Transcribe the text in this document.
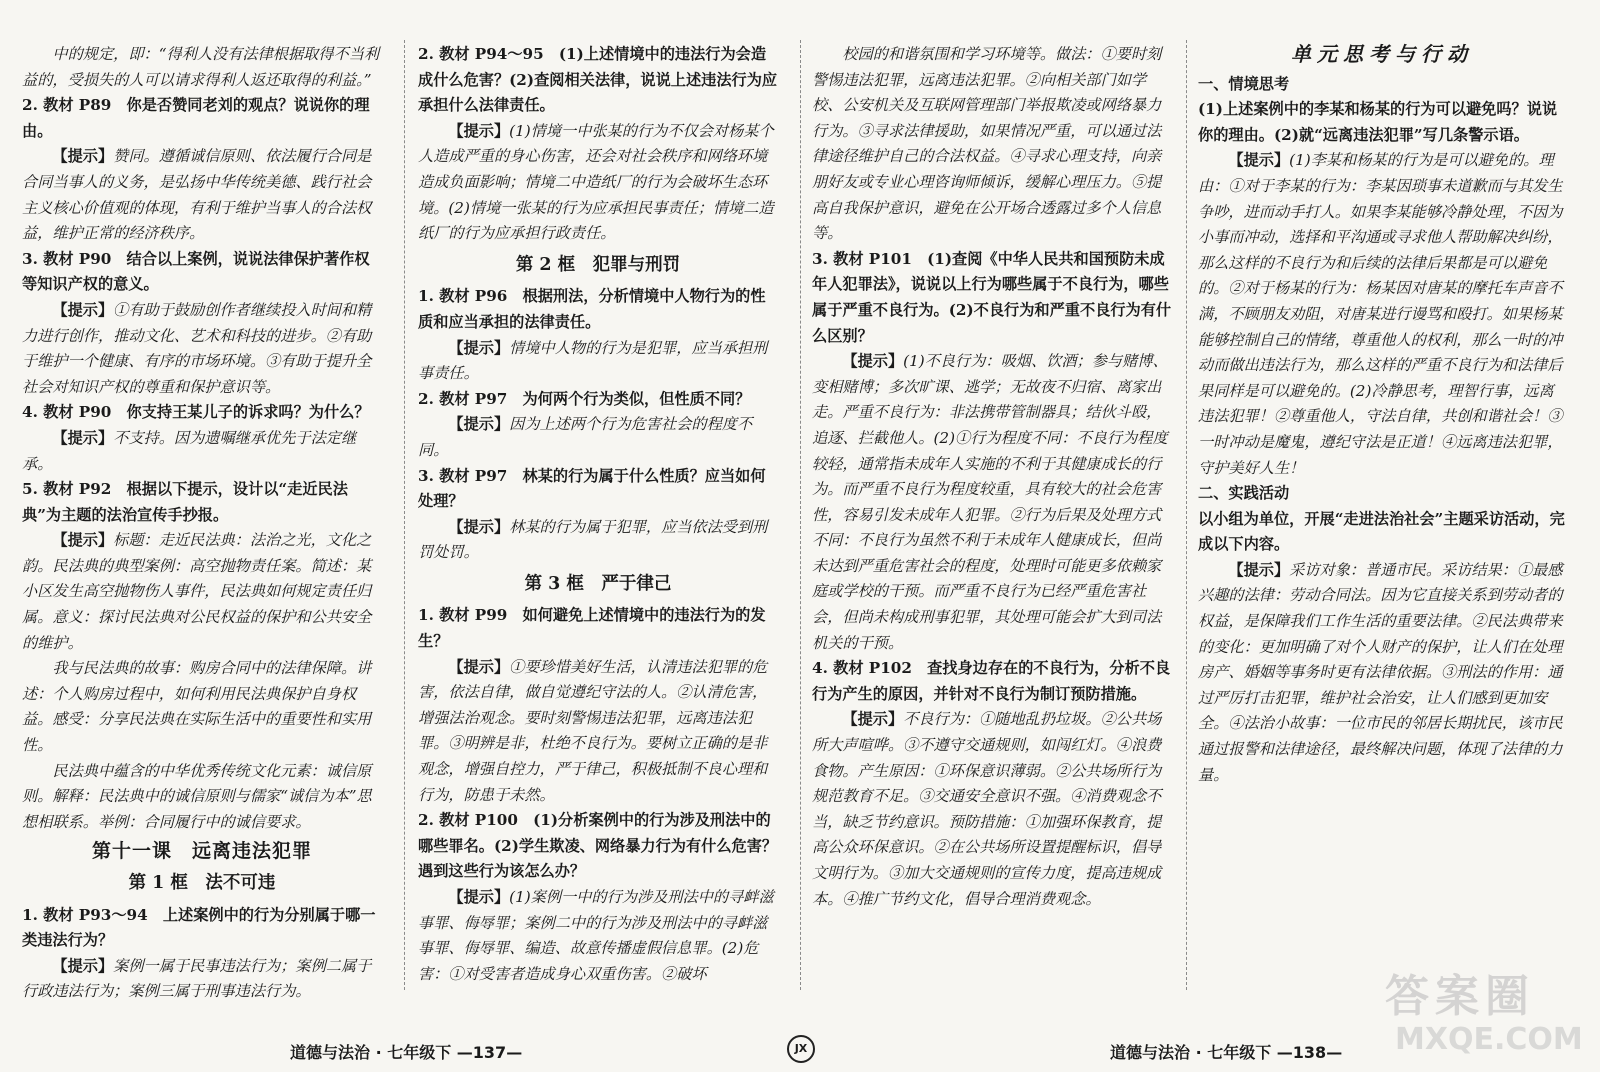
中的规定，即：“得利人没有法律根据取得不当利益的，受损失的人可以请求得利人返还取得的利益。”

2. 教材 P89　你是否赞同老刘的观点？说说你的理由。

【提示】赞同。遵循诚信原则、依法履行合同是合同当事人的义务，是弘扬中华传统美德、践行社会主义核心价值观的体现，有利于维护当事人的合法权益，维护正常的经济秩序。

3. 教材 P90　结合以上案例，说说法律保护著作权等知识产权的意义。

【提示】①有助于鼓励创作者继续投入时间和精力进行创作，推动文化、艺术和科技的进步。②有助于维护一个健康、有序的市场环境。③有助于提升全社会对知识产权的尊重和保护意识等。

4. 教材 P90　你支持王某儿子的诉求吗？为什么？

【提示】不支持。因为遗嘱继承优先于法定继承。

5. 教材 P92　根据以下提示，设计以“走近民法典”为主题的法治宣传手抄报。

【提示】标题：走近民法典：法治之光，文化之韵。民法典的典型案例：高空抛物责任案。简述：某小区发生高空抛物伤人事件，民法典如何规定责任归属。意义：探讨民法典对公民权益的保护和公共安全的维护。

我与民法典的故事：购房合同中的法律保障。讲述：个人购房过程中，如何利用民法典保护自身权益。感受：分享民法典在实际生活中的重要性和实用性。

民法典中蕴含的中华优秀传统文化元素：诚信原则。解释：民法典中的诚信原则与儒家“诚信为本”思想相联系。举例：合同履行中的诚信要求。

第十一课　远离违法犯罪

第 1 框　法不可违

1. 教材 P93～94　上述案例中的行为分别属于哪一类违法行为？

【提示】案例一属于民事违法行为；案例二属于行政违法行为；案例三属于刑事违法行为。

2. 教材 P94～95　(1)上述情境中的违法行为会造成什么危害？(2)查阅相关法律，说说上述违法行为应承担什么法律责任。

【提示】(1)情境一中张某的行为不仅会对杨某个人造成严重的身心伤害，还会对社会秩序和网络环境造成负面影响；情境二中造纸厂的行为会破坏生态环境。(2)情境一张某的行为应承担民事责任；情境二造纸厂的行为应承担行政责任。

第 2 框　犯罪与刑罚

1. 教材 P96　根据刑法，分析情境中人物行为的性质和应当承担的法律责任。

【提示】情境中人物的行为是犯罪，应当承担刑事责任。

2. 教材 P97　为何两个行为类似，但性质不同？

【提示】因为上述两个行为危害社会的程度不同。

3. 教材 P97　林某的行为属于什么性质？应当如何处理？

【提示】林某的行为属于犯罪，应当依法受到刑罚处罚。

第 3 框　严于律己

1. 教材 P99　如何避免上述情境中的违法行为的发生？

【提示】①要珍惜美好生活，认清违法犯罪的危害，依法自律，做自觉遵纪守法的人。②认清危害，增强法治观念。要时刻警惕违法犯罪，远离违法犯罪。③明辨是非，杜绝不良行为。要树立正确的是非观念，增强自控力，严于律己，积极抵制不良心理和行为，防患于未然。

2. 教材 P100　(1)分析案例中的行为涉及刑法中的哪些罪名。(2)学生欺凌、网络暴力行为有什么危害？遇到这些行为该怎么办？

【提示】(1)案例一中的行为涉及刑法中的寻衅滋事罪、侮辱罪；案例二中的行为涉及刑法中的寻衅滋事罪、侮辱罪、编造、故意传播虚假信息罪。(2)危害：①对受害者造成身心双重伤害。②破坏

校园的和谐氛围和学习环境等。做法：①要时刻警惕违法犯罪，远离违法犯罪。②向相关部门如学校、公安机关及互联网管理部门举报欺凌或网络暴力行为。③寻求法律援助，如果情况严重，可以通过法律途径维护自己的合法权益。④寻求心理支持，向亲朋好友或专业心理咨询师倾诉，缓解心理压力。⑤提高自我保护意识，避免在公开场合透露过多个人信息等。

3. 教材 P101　(1)查阅《中华人民共和国预防未成年人犯罪法》，说说以上行为哪些属于不良行为，哪些属于严重不良行为。(2)不良行为和严重不良行为有什么区别？

【提示】(1)不良行为：吸烟、饮酒；参与赌博、变相赌博；多次旷课、逃学；无故夜不归宿、离家出走。严重不良行为：非法携带管制器具；结伙斗殴，追逐、拦截他人。(2)①行为程度不同：不良行为程度较轻，通常指未成年人实施的不利于其健康成长的行为。而严重不良行为程度较重，具有较大的社会危害性，容易引发未成年人犯罪。②行为后果及处理方式不同：不良行为虽然不利于未成年人健康成长，但尚未达到严重危害社会的程度，处理时可能更多依赖家庭或学校的干预。而严重不良行为已经严重危害社会，但尚未构成刑事犯罪，其处理可能会扩大到司法机关的干预。

4. 教材 P102　查找身边存在的不良行为，分析不良行为产生的原因，并针对不良行为制订预防措施。

【提示】不良行为：①随地乱扔垃圾。②公共场所大声喧哗。③不遵守交通规则，如闯红灯。④浪费食物。产生原因：①环保意识薄弱。②公共场所行为规范教育不足。③交通安全意识不强。④消费观念不当，缺乏节约意识。预防措施：①加强环保教育，提高公众环保意识。②在公共场所设置提醒标识，倡导文明行为。③加大交通规则的宣传力度，提高违规成本。④推广节约文化，倡导合理消费观念。

单元思考与行动

一、情境思考

(1)上述案例中的李某和杨某的行为可以避免吗？说说你的理由。(2)就“远离违法犯罪”写几条警示语。

【提示】(1)李某和杨某的行为是可以避免的。理由：①对于李某的行为：李某因琐事未道歉而与其发生争吵，进而动手打人。如果李某能够冷静处理，不因为小事而冲动，选择和平沟通或寻求他人帮助解决纠纷，那么这样的不良行为和后续的法律后果都是可以避免的。②对于杨某的行为：杨某因对唐某的摩托车声音不满，不顾朋友劝阻，对唐某进行谩骂和殴打。如果杨某能够控制自己的情绪，尊重他人的权利，那么一时的冲动而做出违法行为，那么这样的严重不良行为和法律后果同样是可以避免的。(2)冷静思考，理智行事，远离违法犯罪！②尊重他人，守法自律，共创和谐社会！③一时冲动是魔鬼，遵纪守法是正道！④远离违法犯罪，守护美好人生！

二、实践活动

以小组为单位，开展“走进法治社会”主题采访活动，完成以下内容。

【提示】采访对象：普通市民。采访结果：①最感兴趣的法律：劳动合同法。因为它直接关系到劳动者的权益，是保障我们工作生活的重要法律。②民法典带来的变化：更加明确了对个人财产的保护，让人们在处理房产、婚姻等事务时更有法律依据。③刑法的作用：通过严厉打击犯罪，维护社会治安，让人们感到更加安全。④法治小故事：一位市民的邻居长期扰民，该市民通过报警和法律途径，最终解决问题，体现了法律的力量。

道德与法治 · 七年级下 —137—	JX	道德与法治 · 七年级下 —138—
答案圈
MXQE.COM
